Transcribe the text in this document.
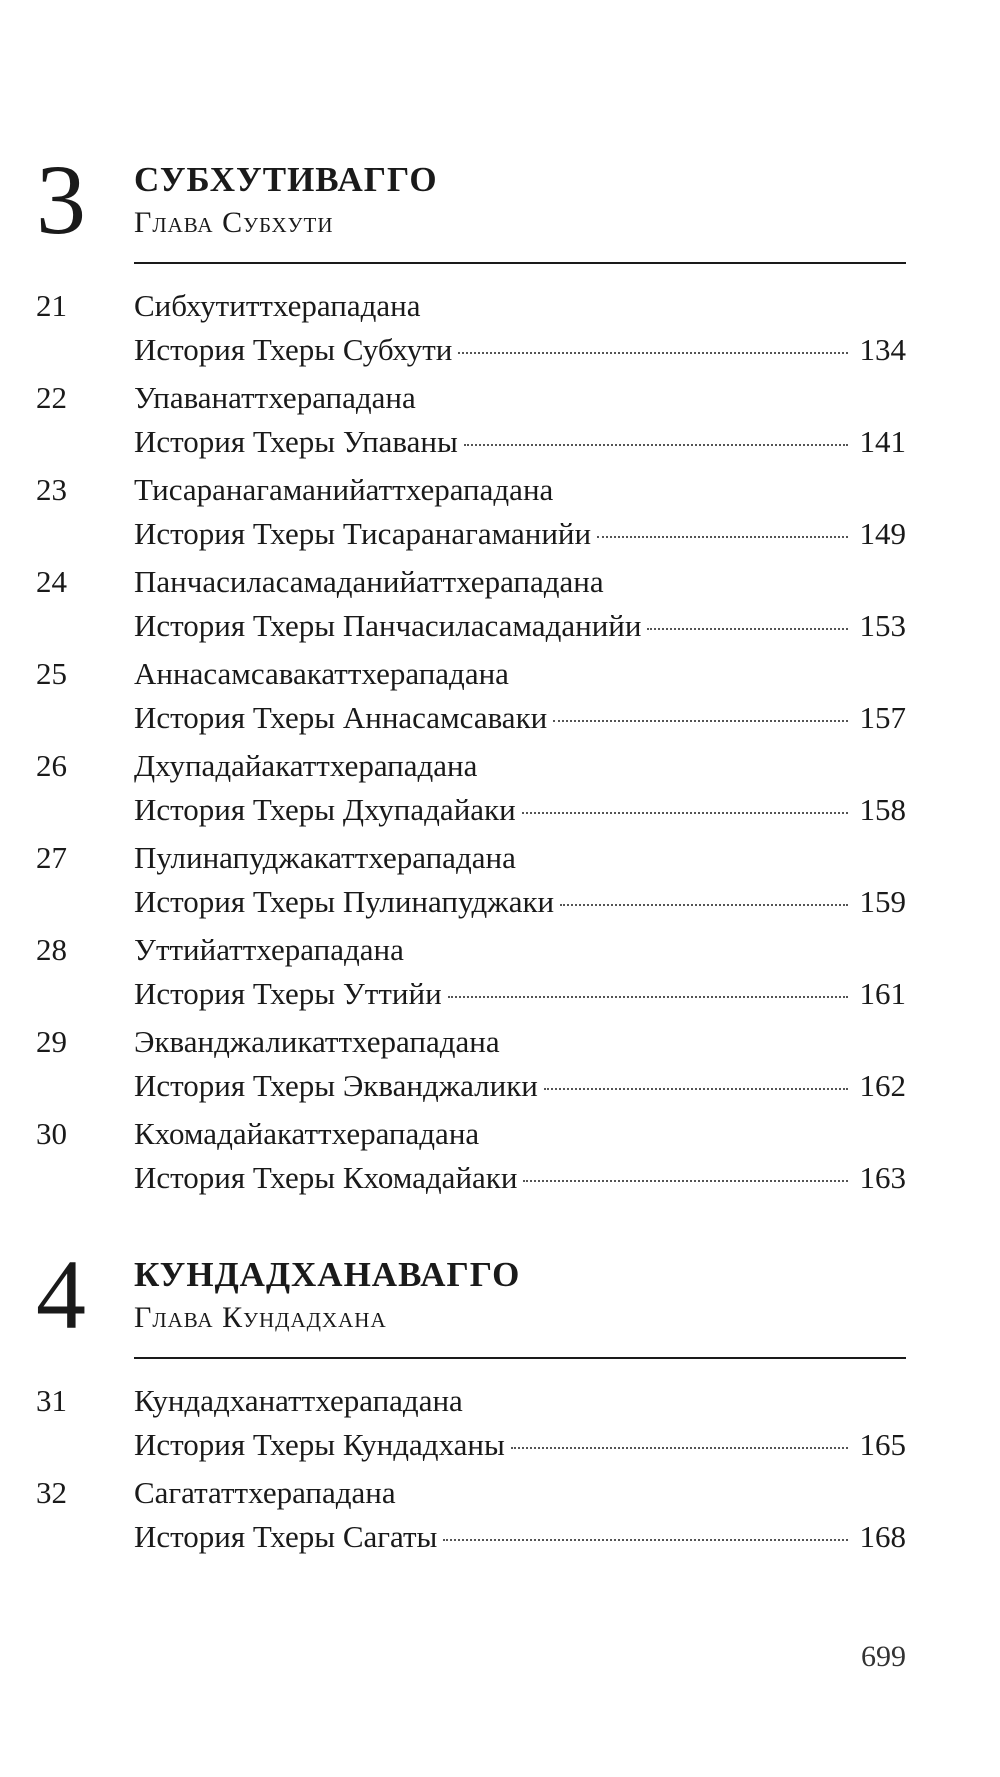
3 СУБХУТИВАГГО
Глава Субхути
21 Сибхутиттхерападана
История Тхеры Субхути	134
22 Упаванаттхерападана
История Тхеры Упаваны	141
23 Тисаранагаманийаттхерападана
История Тхеры Тисаранагаманийи	149
24 Панчасиласамаданийаттхерападана
История Тхеры Панчасиласамаданийи	153
25 Аннасамсавакаттхерападана
История Тхеры Аннасамсаваки	157
26 Дхупадайакаттхерападана
История Тхеры Дхупадайаки	158
27 Пулинапуджакаттхерападана
История Тхеры Пулинапуджаки	159
28 Уттийаттхерападана
История Тхеры Уттийи	161
29 Экванджаликаттхерападана
История Тхеры Экванджалики	162
30 Кхомадайакаттхерападана
История Тхеры Кхомадайаки	163
4 КУНДАДХАНАВАГГО
Глава Кундадхана
31 Кундадханаттхерападана
История Тхеры Кундадханы	165
32 Сагататтхерападана
История Тхеры Сагаты	168
699
